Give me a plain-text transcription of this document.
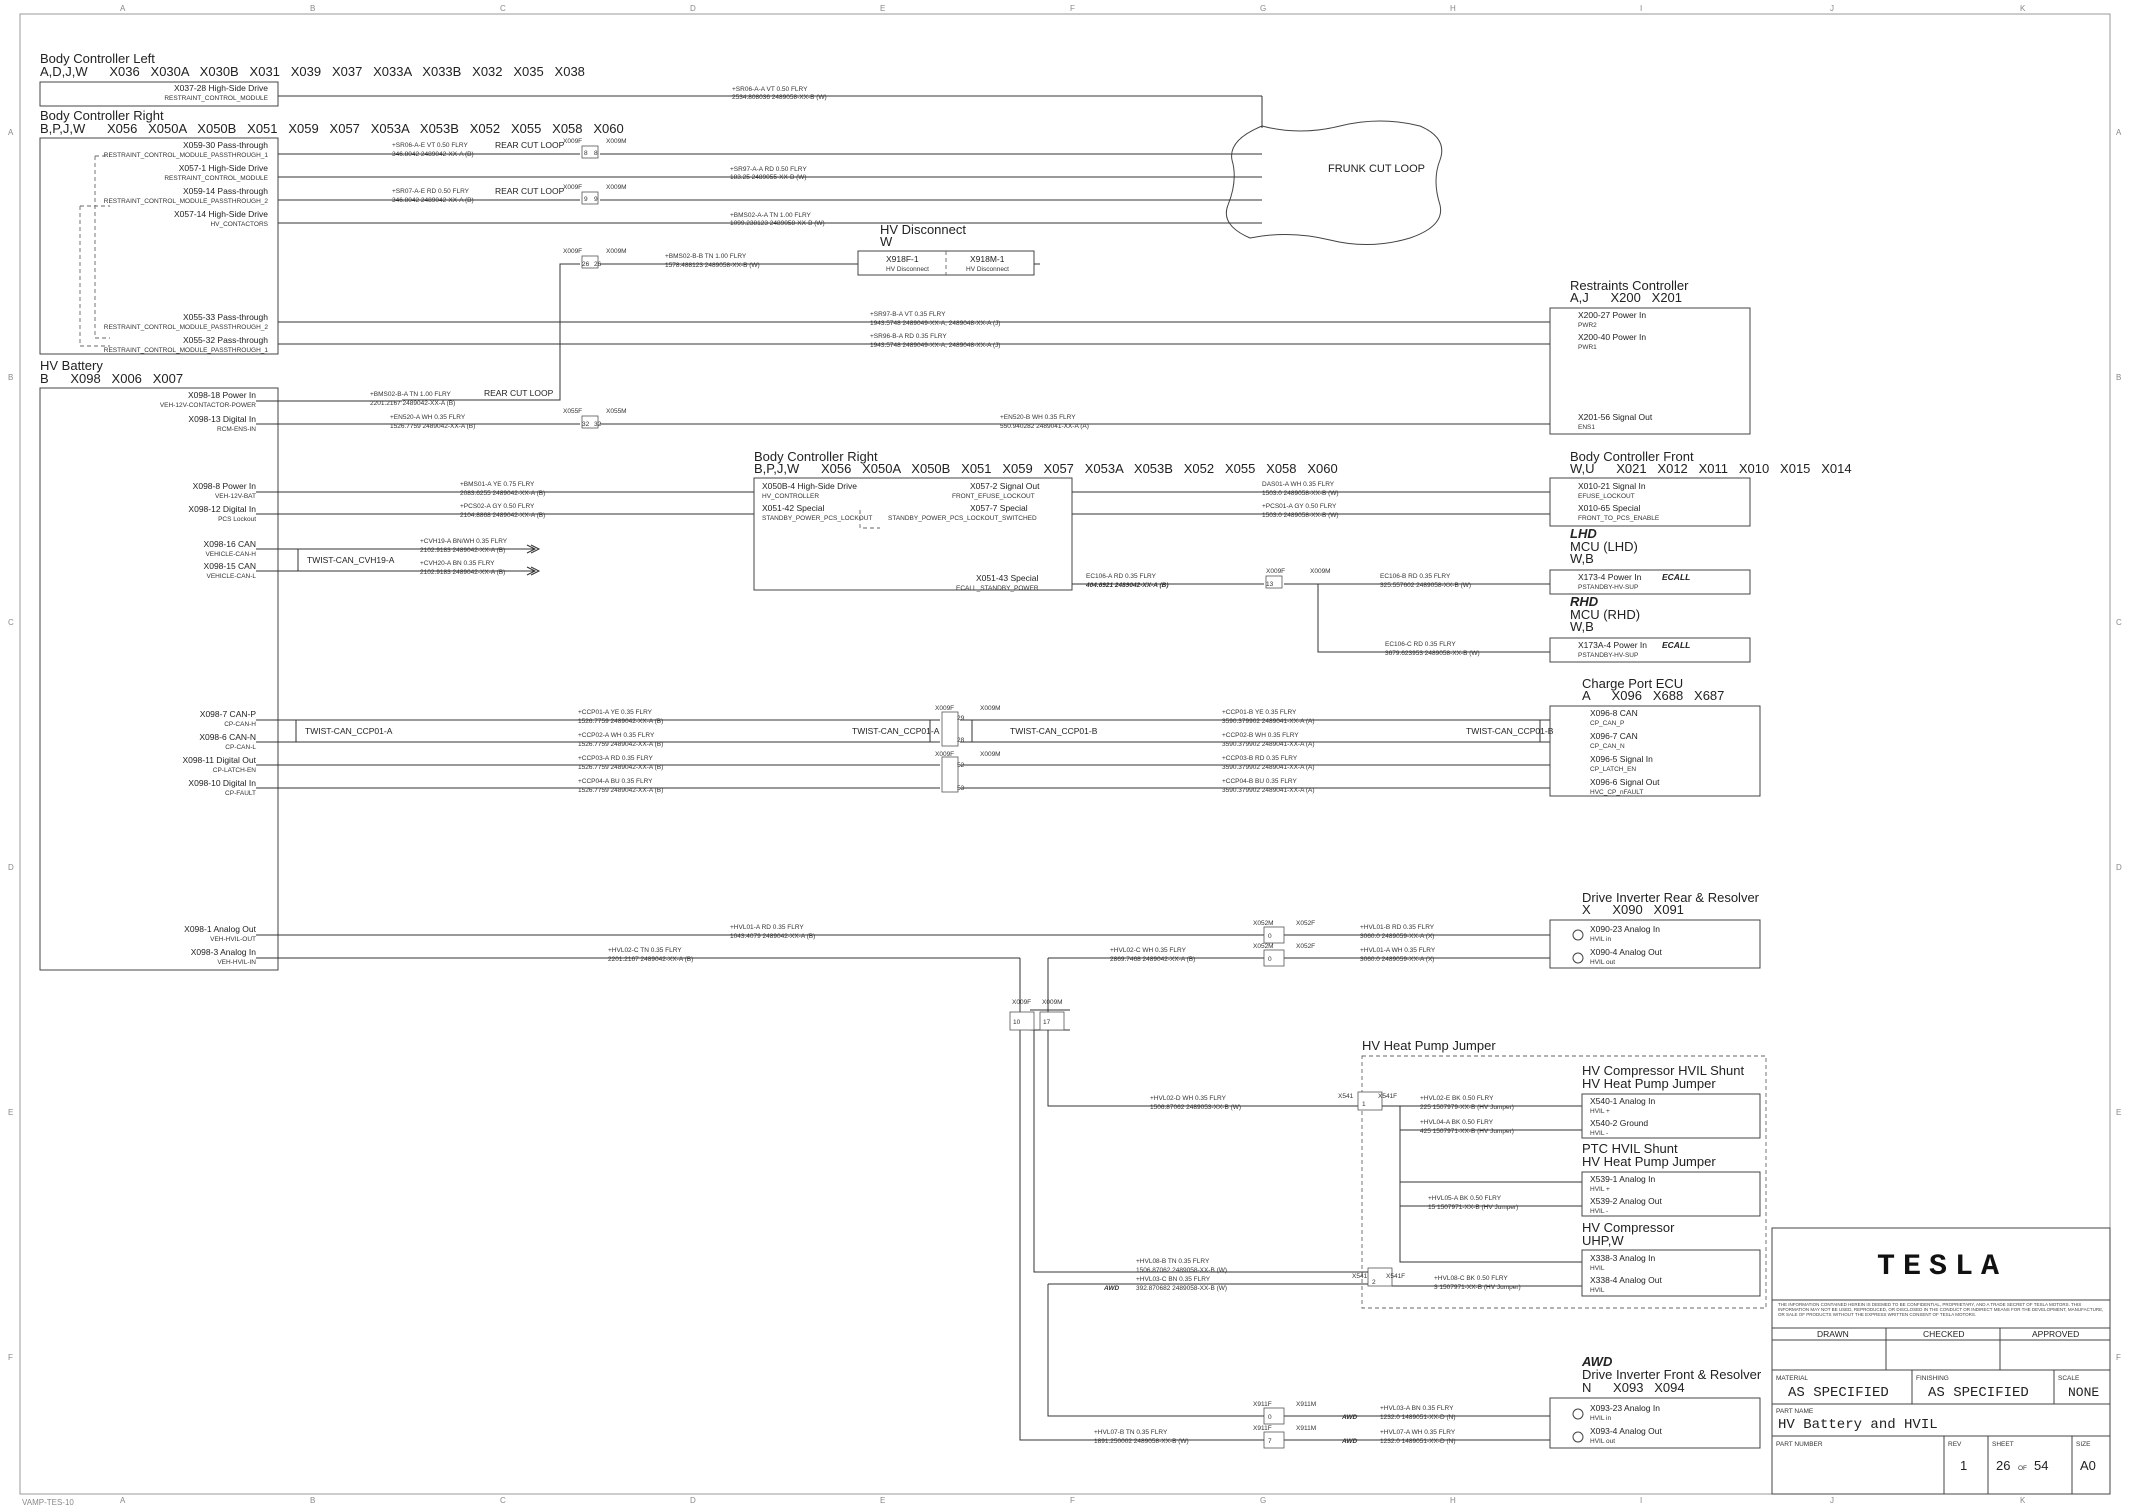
A	B	C	D	E	F	G	H	I	J	K
A	B	C	D	E	F	G	H	I	J	K
A
B
C
D
E
F
A
B
C
D
E
F
Body Controller Left
A,D,J,W      X036   X030A   X030B   X031   X039   X037   X033A   X033B   X032   X035   X038
X037-28 High-Side Drive
RESTRAINT_CONTROL_MODULE
Body Controller Right
B,P,J,W      X056   X050A   X050B   X051   X059   X057   X053A   X053B   X052   X055   X058   X060
X059-30 Pass-through
RESTRAINT_CONTROL_MODULE_PASSTHROUGH_1
X057-1 High-Side Drive
RESTRAINT_CONTROL_MODULE
X059-14 Pass-through
RESTRAINT_CONTROL_MODULE_PASSTHROUGH_2
X057-14 High-Side Drive
HV_CONTACTORS
X055-33 Pass-through
RESTRAINT_CONTROL_MODULE_PASSTHROUGH_2
X055-32 Pass-through
RESTRAINT_CONTROL_MODULE_PASSTHROUGH_1
HV Battery
B      X098   X006   X007
X098-18 Power In
VEH-12V-CONTACTOR-POWER
X098-13 Digital In
RCM-ENS-IN
X098-8 Power In
VEH-12V-BAT
X098-12 Digital In
PCS Lockout
X098-16 CAN
VEHICLE-CAN-H
X098-15 CAN
VEHICLE-CAN-L
X098-7 CAN-P
CP-CAN-H
X098-6 CAN-N
CP-CAN-L
X098-11 Digital Out
CP-LATCH-EN
X098-10 Digital In
CP-FAULT
X098-1 Analog Out
VEH-HVIL-OUT
X098-3 Analog In
VEH-HVIL-IN
FRUNK CUT LOOP
+SR06-A-A VT 0.50 FLRY
2534.808036 2489058-XX-B (W)
+SR06-A-E VT 0.50 FLRY
346.8042 2489042-XX-A (B)
REAR CUT LOOP
+SR97-A-A RD 0.50 FLRY
183.25 2489055-XX-B (W)
+SR07-A-E RD 0.50 FLRY
346.8042 2489042-XX-A (B)
REAR CUT LOOP
+BMS02-A-A TN 1.00 FLRY
1099.238123 2489058-XX-B (W)
X009F	X009M
8 8
X009F	X009M
9 9
X009F	X009M
26 26
+BMS02-B-B TN 1.00 FLRY
1578.488123 2489058-XX-B (W)
HV Disconnect
W
X918F-1
HV Disconnect
X918M-1
HV Disconnect
+SR97-B-A VT 0.35 FLRY
1943.5748 2489049-XX-A, 2489048-XX-A (J)
+SR96-B-A RD 0.35 FLRY
1943.5748 2489049-XX-A, 2489048-XX-A (J)
Restraints Controller
A,J      X200   X201
X200-27 Power In
PWR2
X200-40 Power In
PWR1
X201-56 Signal Out
ENS1
+BMS02-B-A TN 1.00 FLRY
2201.2167 2489042-XX-A (B)
REAR CUT LOOP
X055F	X055M
32 32
+EN520-A WH 0.35 FLRY
1526.7759 2489042-XX-A (B)
+EN520-B WH 0.35 FLRY
550.940282 2489041-XX-A (A)
+BMS01-A YE 0.75 FLRY
2083.6255 2489042-XX-A (B)
+PCS02-A GY 0.50 FLRY
2104.8868 2489042-XX-A (B)
TWIST-CAN_CVH19-A
+CVH19-A BN/WH 0.35 FLRY
2102.9183 2489042-XX-A (B)
+CVH20-A BN 0.35 FLRY
2102.9183 2489042-XX-A (B)
Body Controller Right
B,P,J,W      X056   X050A   X050B   X051   X059   X057   X053A   X053B   X052   X055   X058   X060
X050B-4 High-Side Drive
HV_CONTROLLER
X051-42 Special
STANDBY_POWER_PCS_LOCKOUT
X057-2 Signal Out
FRONT_EFUSE_LOCKOUT
X057-7 Special
STANDBY_POWER_PCS_LOCKOUT_SWITCHED
X051-43 Special
ECALL_STANDBY_POWER
DAS01-A WH 0.35 FLRY
1503.0 2489058-XX-B (W)
+PCS01-A GY 0.50 FLRY
1503.0 2489058-XX-B (W)
EC106-A RD 0.35 FLRY
404.6921 2489042-XX-A (B)
EC106-B RD 0.35 FLRY
325.557602 2489058-XX-B (W)
X009F	X009M
13
EC106-C RD 0.35 FLRY
3679.623953 2489058-XX-B (W)
Body Controller Front
W,U      X021   X012   X011   X010   X015   X014
X010-21 Signal In
EFUSE_LOCKOUT
X010-65 Special
FRONT_TO_PCS_ENABLE
LHD
MCU (LHD)
W,B
X173-4 Power In
PSTANDBY-HV-SUP
ECALL
RHD
MCU (RHD)
W,B
X173A-4 Power In
PSTANDBY-HV-SUP
ECALL
TWIST-CAN_CCP01-A	TWIST-CAN_CCP01-A	TWIST-CAN_CCP01-B	TWIST-CAN_CCP01-B
+CCP01-A YE 0.35 FLRY
1526.7759 2489042-XX-A (B)
+CCP02-A WH 0.35 FLRY
1526.7759 2489042-XX-A (B)
+CCP03-A RD 0.35 FLRY
1526.7759 2489042-XX-A (B)
+CCP04-A BU 0.35 FLRY
1526.7759 2489042-XX-A (B)
+CCP01-B YE 0.35 FLRY
3590.379902 2489041-XX-A (A)
+CCP02-B WH 0.35 FLRY
3590.379902 2489041-XX-A (A)
+CCP03-B RD 0.35 FLRY
3590.379902 2489041-XX-A (A)
+CCP04-B BU 0.35 FLRY
3590.379902 2489041-XX-A (A)
X009F	X009M
X009F	X009M
29
28
52
53
Charge Port ECU
A      X096   X688   X687
X096-8 CAN
CP_CAN_P
X096-7 CAN
CP_CAN_N
X096-5 Signal In
CP_LATCH_EN
X096-6 Signal Out
HVC_CP_nFAULT
+HVL01-A RD 0.35 FLRY
1043.4079 2489042-XX-A (B)
+HVL01-B RD 0.35 FLRY
3060.0 2489059-XX-A (X)
+HVL02-C TN 0.35 FLRY
2201.2167 2489042-XX-A (B)
+HVL02-C WH 0.35 FLRY
2869.7468 2489042-XX-A (B)
+HVL01-A WH 0.35 FLRY
3060.0 2489059-XX-A (X)
10	17
X009F X009M
+HVL02-D WH 0.35 FLRY
1506.87062 2489053-XX-B (W)
X052M	X052F
X052M	X052F
0
0
Drive Inverter Rear & Resolver
X      X090   X091
X090-23 Analog In
HVIL in
X090-4 Analog Out
HVIL out
HV Heat Pump Jumper
X541	X541F
X541	X541F
1
2
+HVL02-E BK 0.50 FLRY
225 1507979-XX-B (HV Jumper)
+HVL04-A BK 0.50 FLRY
425 1507971-XX-B (HV Jumper)
+HVL05-A BK 0.50 FLRY
15 1507971-XX-B (HV Jumper)
+HVL08-C BK 0.50 FLRY
3 1507971-XX-B (HV Jumper)
HV Compressor HVIL Shunt
HV Heat Pump Jumper
X540-1 Analog In
HVIL +
X540-2 Ground
HVIL -
PTC HVIL Shunt
HV Heat Pump Jumper
X539-1 Analog In
HVIL +
X539-2 Analog Out
HVIL -
HV Compressor
UHP,W
X338-3 Analog In
HVIL
X338-4 Analog Out
HVIL
+HVL08-B TN 0.35 FLRY
1506.87062 2489058-XX-B (W)
+HVL03-C BN 0.35 FLRY
392.870682 2489058-XX-B (W)
X911F	X911M
X911F	X911M
0
7
+HVL03-A BN 0.35 FLRY
1232.0 1489051-XX-D (N)
+HVL07-A WH 0.35 FLRY
1232.0 1489051-XX-D (N)
+HVL07-B TN 0.35 FLRY
1891.250002 2489058-XX-B (W)
AWD
AWD
AWD
AWD
Drive Inverter Front & Resolver
N      X093   X094
X093-23 Analog In
HVIL in
X093-4 Analog Out
HVIL out
TESLA
THE INFORMATION CONTAINED HEREIN IS DEEMED TO BE CONFIDENTIAL, PROPRIETARY, AND A TRADE SECRET OF TESLA MOTORS. THIS INFORMATION MAY NOT BE USED, REPRODUCED, OR DISCLOSED IN THE CONDUCT OR INDIRECT MEANS FOR THE DEVELOPMENT, MANUFACTURE, OR SALE OF PRODUCTS WITHOUT THE EXPRESS WRITTEN CONSENT OF TESLA MOTORS.
DRAWN	CHECKED	APPROVED
MATERIAL
AS SPECIFIED
FINISHING
AS SPECIFIED
SCALE
NONE
PART NAME
HV Battery and HVIL
PART NUMBER	REV
1
SHEET
26 OF 54
SIZE
A0
VAMP-TES-10
